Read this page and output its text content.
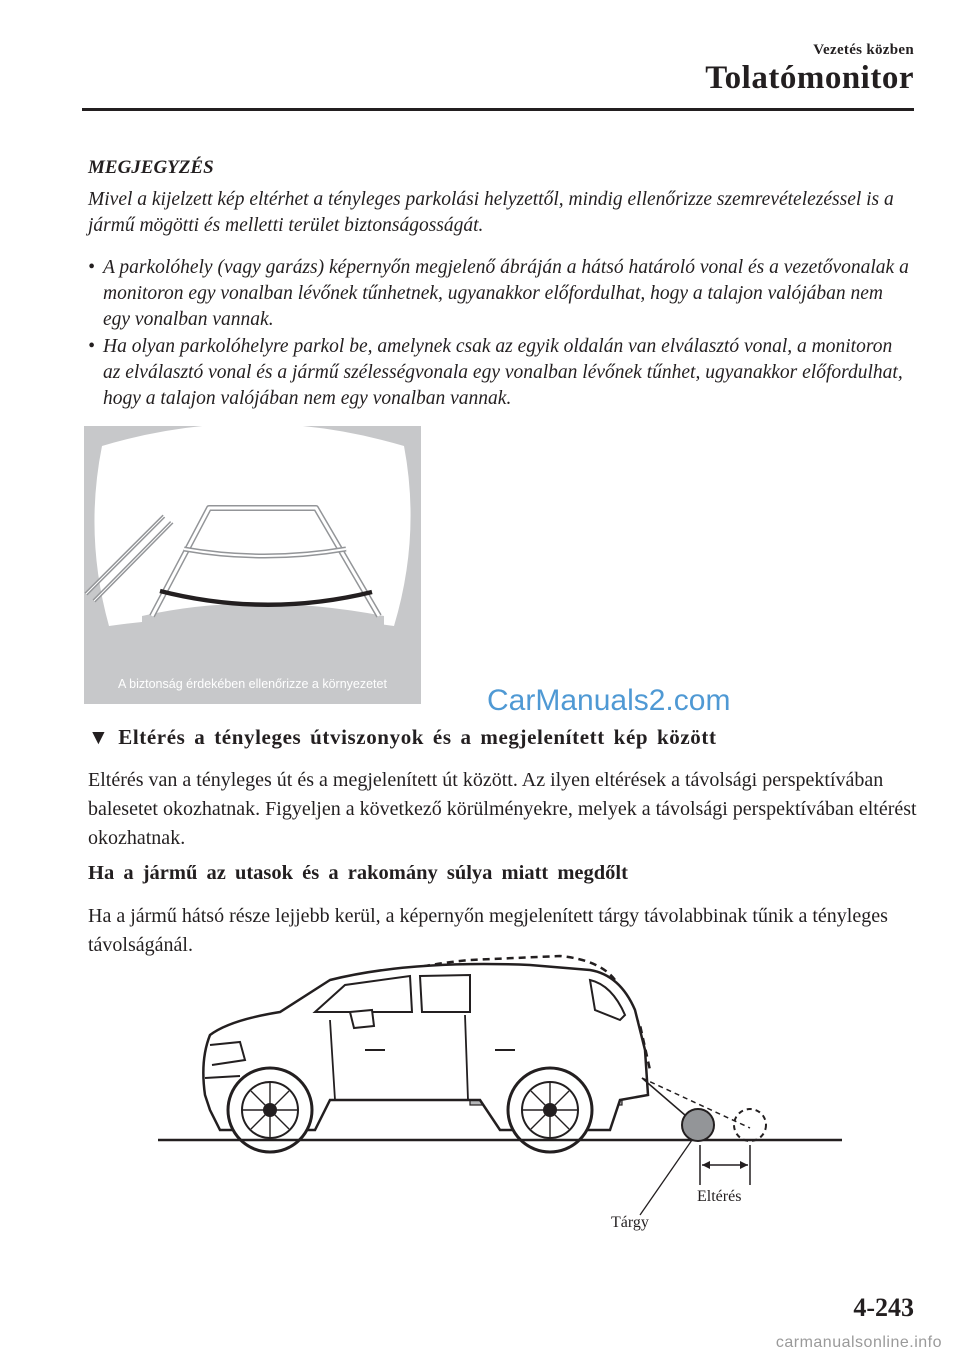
Vezetés közben
Tolatómonitor
MEGJEGYZÉS
Mivel a kijelzett kép eltérhet a tényleges parkolási helyzettől, mindig ellenőrizze szemrevételezéssel is a jármű mögötti és melletti terület biztonságosságát.
• A parkolóhely (vagy garázs) képernyőn megjelenő ábráján a hátsó határoló vonal és a vezetővonalak a monitoron egy vonalban lévőnek tűnhetnek, ugyanakkor előfordulhat, hogy a talajon valójában nem egy vonalban vannak.
• Ha olyan parkolóhelyre parkol be, amelynek csak az egyik oldalán van elválasztó vonal, a monitoron az elválasztó vonal és a jármű szélességvonala egy vonalban lévőnek tűnhet, ugyanakkor előfordulhat, hogy a talajon valójában nem egy vonalban vannak.
A biztonság érdekében ellenőrizze a környezetet	CarManuals2.com
▼ Eltérés a tényleges útviszonyok és a megjelenített kép között
Eltérés van a tényleges út és a megjelenített út között. Az ilyen eltérések a távolsági perspektívában balesetet okozhatnak. Figyeljen a következő körülményekre, melyek a távolsági perspektívában eltérést okozhatnak.
Ha a jármű az utasok és a rakomány súlya miatt megdőlt
Ha a jármű hátsó része lejjebb kerül, a képernyőn megjelenített tárgy távolabbinak tűnik a tényleges távolságánál.
Eltérés
Tárgy
4-243
carmanualsonline.info
